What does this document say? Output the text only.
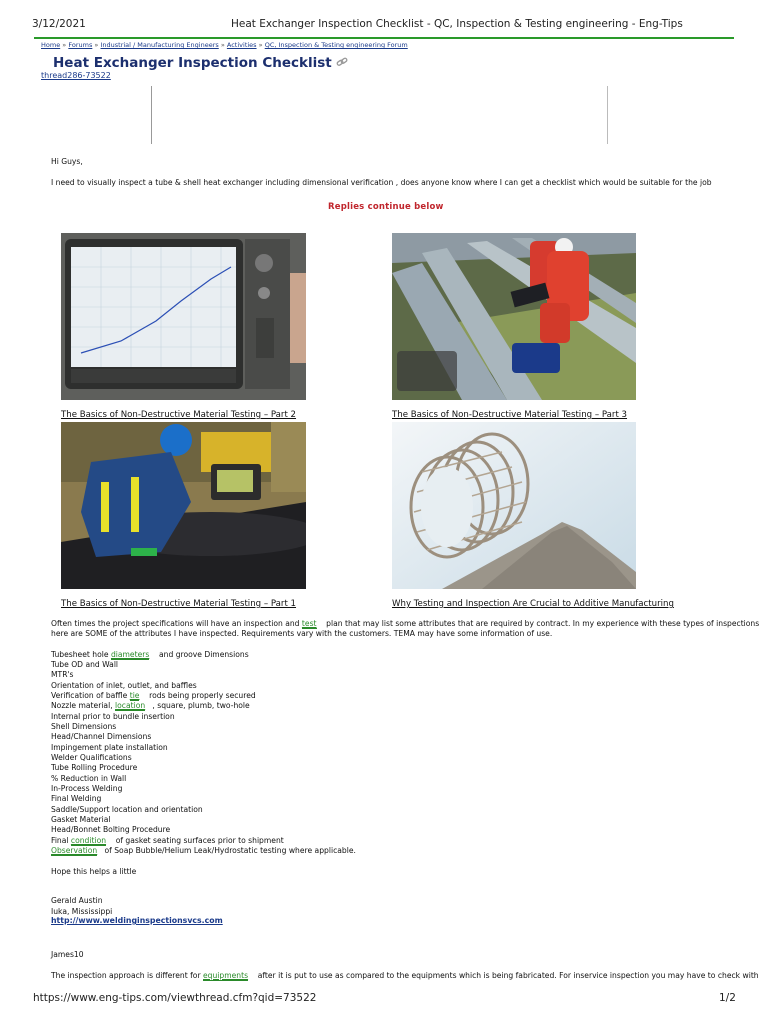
3/12/2021	Heat Exchanger Inspection Checklist - QC, Inspection & Testing engineering - Eng-Tips
Home » Forums » Industrial / Manufacturing Engineers » Activities » QC, Inspection & Testing engineering Forum
Heat Exchanger Inspection Checklist
thread286-73522
Hi Guys,
I need to visually inspect a tube & shell heat exchanger including dimensional verification , does anyone know where I can get a checklist which would be suitable for the job
Replies continue below
The Basics of Non-Destructive Material Testing – Part 2	The Basics of Non-Destructive Material Testing – Part 3
The Basics of Non-Destructive Material Testing – Part 1	Why Testing and Inspection Are Crucial to Additive Manufacturing
Often times the project specifications will have an inspection and test plan that may list some attributes that are required by contract. In my experience with these types of inspections
here are SOME of the attributes I have inspected. Requirements vary with the customers. TEMA may have some information of use.
Tubesheet hole diameters and groove Dimensions
Tube OD and Wall
MTR's
Orientation of inlet, outlet, and baffles
Verification of baffle tie rods being properly secured
Nozzle material, location , square, plumb, two-hole
Internal prior to bundle insertion
Shell Dimensions
Head/Channel Dimensions
Impingement plate installation
Welder Qualifications
Tube Rolling Procedure
% Reduction in Wall
In-Process Welding
Final Welding
Saddle/Support location and orientation
Gasket Material
Head/Bonnet Bolting Procedure
Final condition of gasket seating surfaces prior to shipment
Observation of Soap Bubble/Helium Leak/Hydrostatic testing where applicable.
Hope this helps a little
Gerald Austin
Iuka, Mississippi
http://www.weldinginspectionsvcs.com
James10
The inspection approach is different for equipments after it is put to use as compared to the equipments which is being fabricated. For inservice inspection you may have to check with
https://www.eng-tips.com/viewthread.cfm?qid=73522	1/2
